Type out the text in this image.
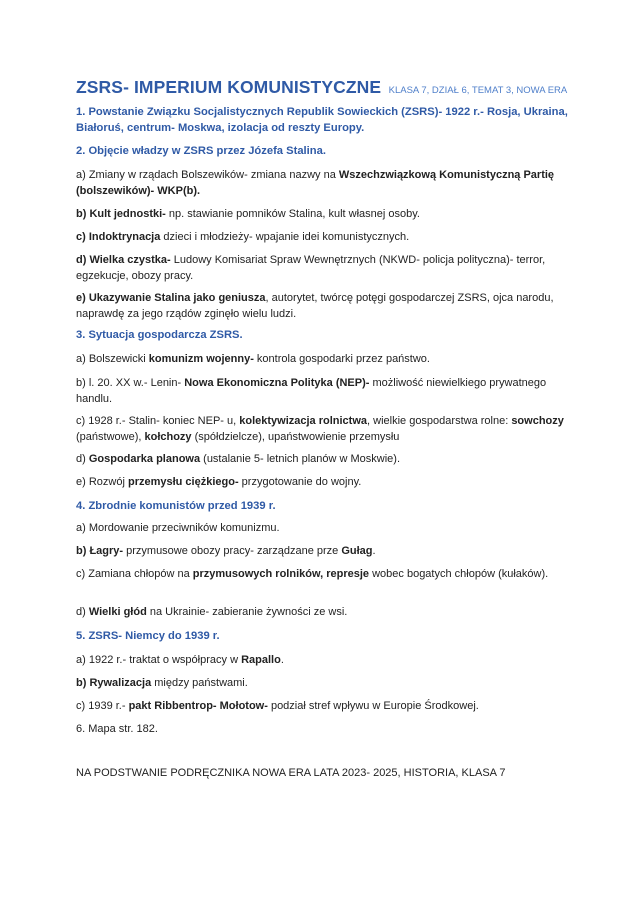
ZSRS- IMPERIUM KOMUNISTYCZNE KLASA 7, DZIAŁ 6, TEMAT 3, NOWA ERA
1. Powstanie Związku Socjalistycznych Republik Sowieckich (ZSRS)- 1922 r.- Rosja, Ukraina, Białoruś, centrum- Moskwa, izolacja od reszty Europy.
2. Objęcie władzy w ZSRS przez Józefa Stalina.
a) Zmiany w rządach Bolszewików- zmiana nazwy na Wszechzwiązkową Komunistyczną Partię (bolszewików)- WKP(b).
b) Kult jednostki- np. stawianie pomników Stalina, kult własnej osoby.
c) Indoktrynacja dzieci i młodzieży- wpajanie idei komunistycznych.
d) Wielka czystka- Ludowy Komisariat Spraw Wewnętrznych (NKWD- policja polityczna)- terror, egzekucje, obozy pracy.
e) Ukazywanie Stalina jako geniusza, autorytet, twórcę potęgi gospodarczej ZSRS, ojca narodu, naprawdę za jego rządów zginęło wielu ludzi.
3. Sytuacja gospodarcza ZSRS.
a) Bolszewicki komunizm wojenny- kontrola gospodarki przez państwo.
b) l. 20. XX w.- Lenin- Nowa Ekonomiczna Polityka (NEP)- możliwość niewielkiego prywatnego handlu.
c) 1928 r.- Stalin- koniec NEP- u, kolektywizacja rolnictwa, wielkie gospodarstwa rolne: sowchozy (państwowe), kołchozy (spółdzielcze), upaństwowienie przemysłu
d) Gospodarka planowa (ustalanie 5- letnich planów w Moskwie).
e) Rozwój przemysłu ciężkiego- przygotowanie do wojny.
4. Zbrodnie komunistów przed 1939 r.
a) Mordowanie przeciwników komunizmu.
b) Łagry- przymusowe obozy pracy- zarządzane prze Gułag.
c) Zamiana chłopów na przymusowych rolników, represje wobec bogatych chłopów (kułaków).
d) Wielki głód na Ukrainie- zabieranie żywności ze wsi.
5. ZSRS- Niemcy do 1939 r.
a) 1922 r.- traktat o współpracy w Rapallo.
b) Rywalizacja między państwami.
c) 1939 r.- pakt Ribbentrop- Mołotow- podział stref wpływu w Europie Środkowej.
6. Mapa str. 182.
NA PODSTWANIE PODRĘCZNIKA NOWA ERA LATA 2023- 2025, HISTORIA, KLASA 7
